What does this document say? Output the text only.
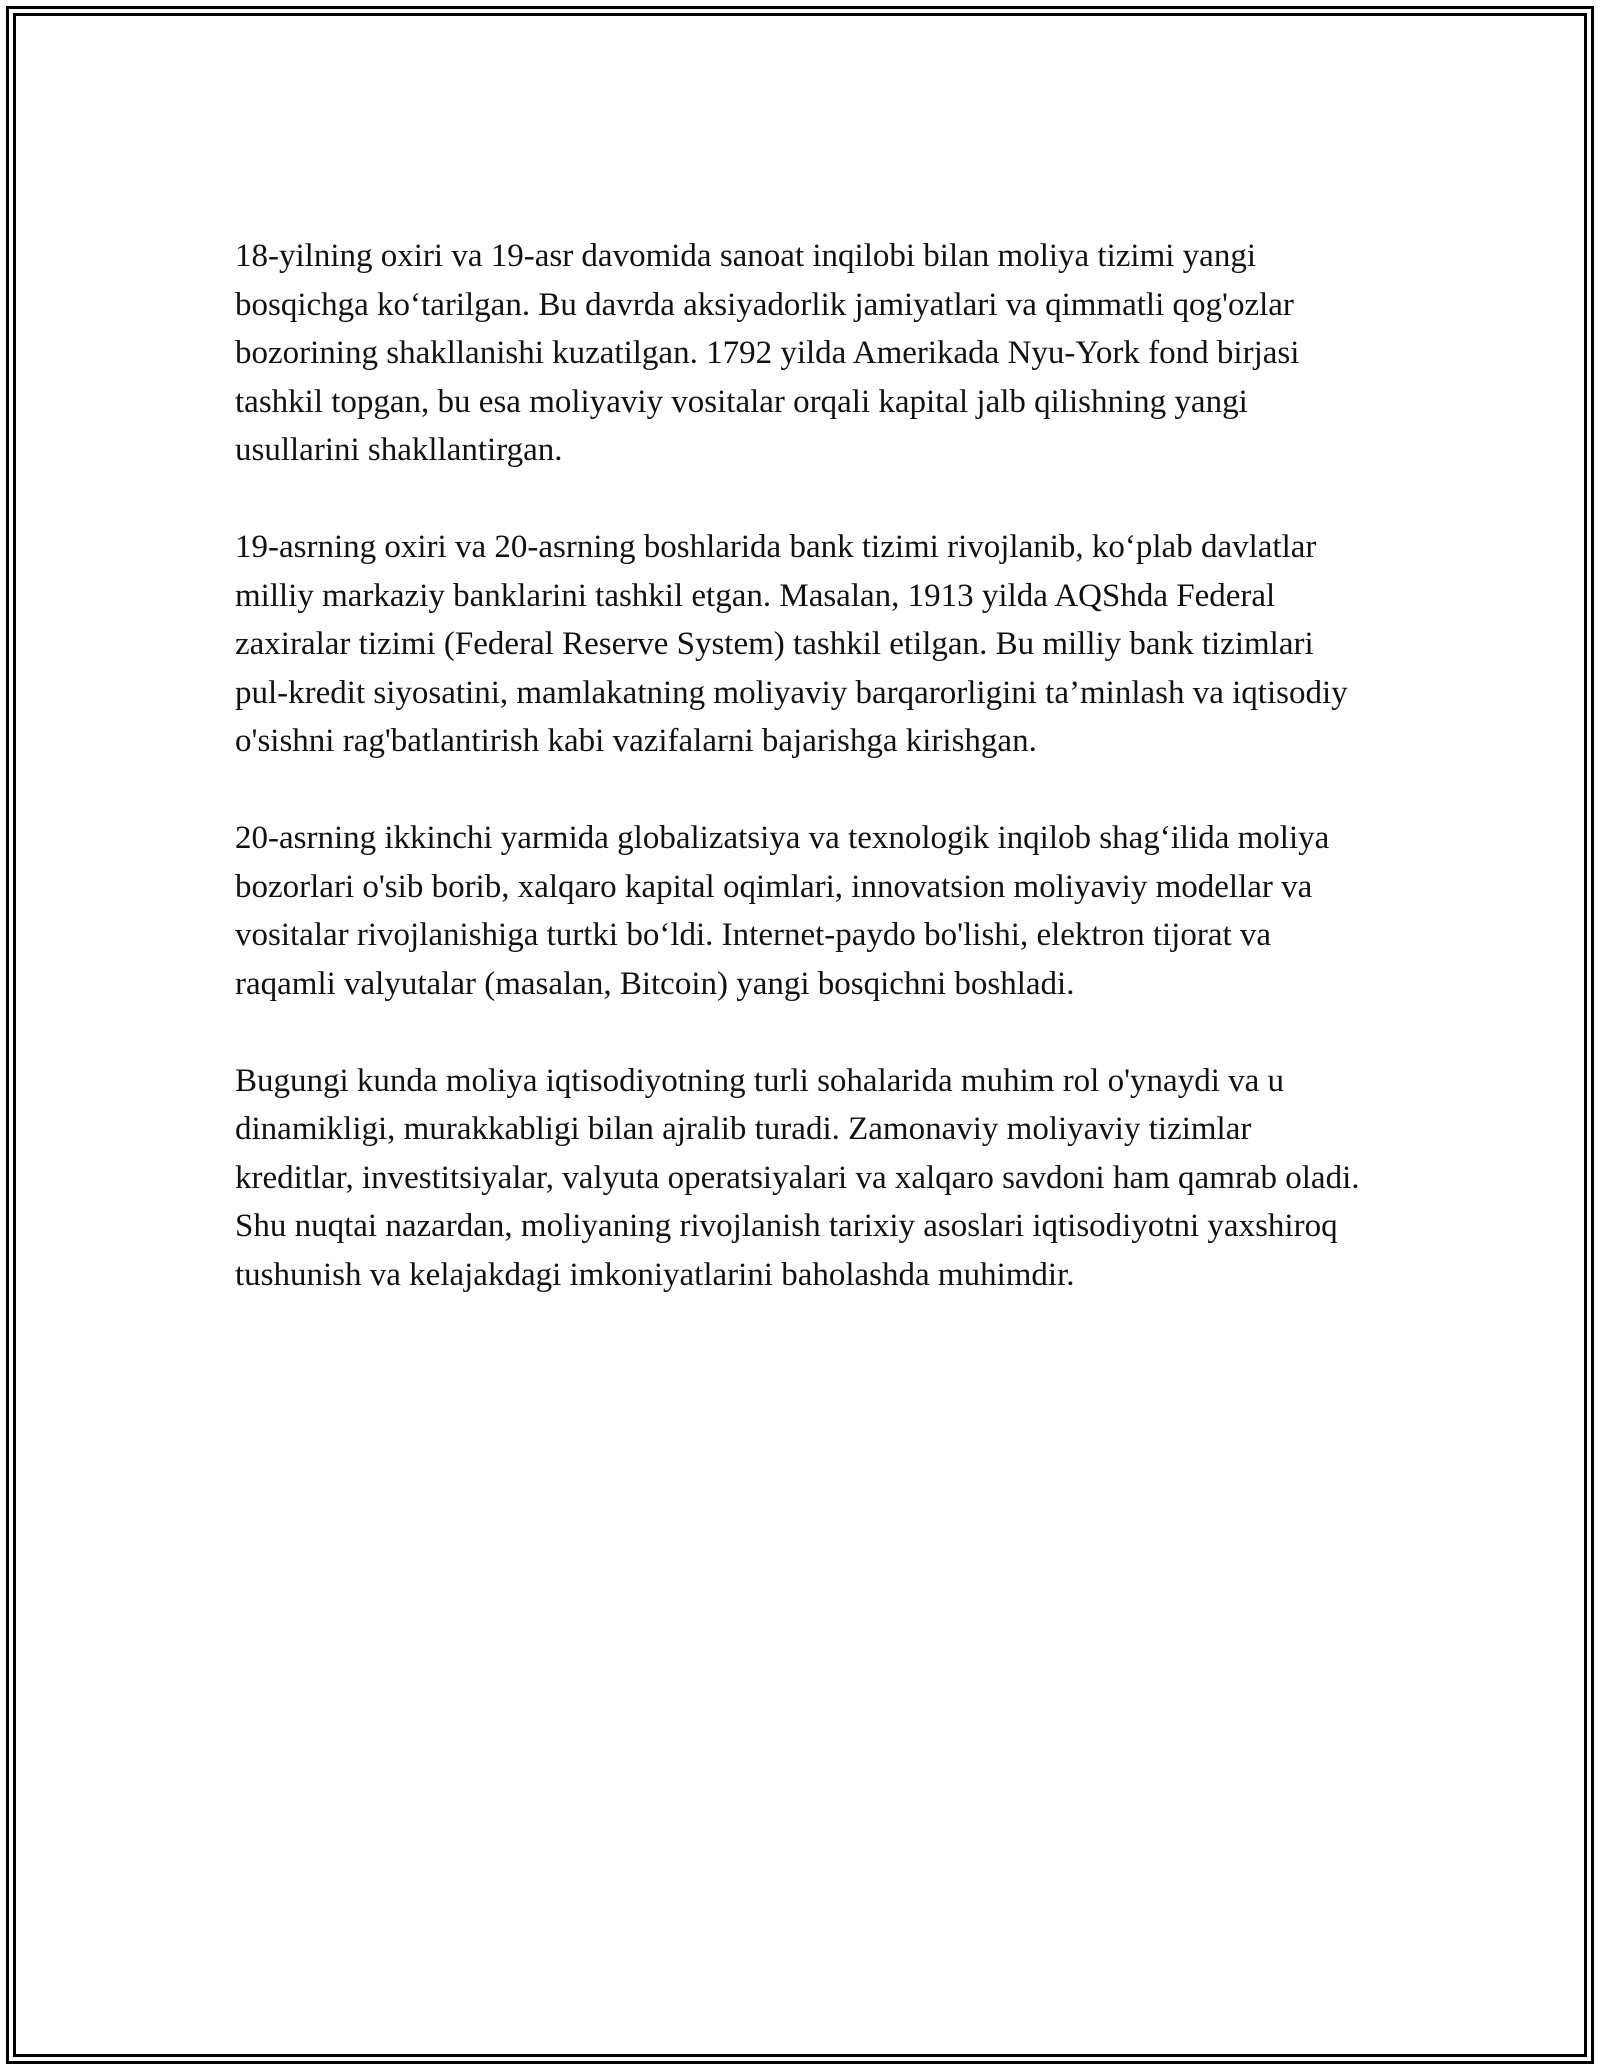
18-yilning oxiri va 19-asr davomida sanoat inqilobi bilan moliya tizimi yangi bosqichga ko‘tarilgan. Bu davrda aksiyadorlik jamiyatlari va qimmatli qog'ozlar bozorining shakllanishi kuzatilgan. 1792 yilda Amerikada Nyu-York fond birjasi tashkil topgan, bu esa moliyaviy vositalar orqali kapital jalb qilishning yangi usullarini shakllantirgan.

19-asrning oxiri va 20-asrning boshlarida bank tizimi rivojlanib, ko‘plab davlatlar milliy markaziy banklarini tashkil etgan. Masalan, 1913 yilda AQShda Federal zaxiralar tizimi (Federal Reserve System) tashkil etilgan. Bu milliy bank tizimlari pul-kredit siyosatini, mamlakatning moliyaviy barqarorligini ta’minlash va iqtisodiy o'sishni rag'batlantirish kabi vazifalarni bajarishga kirishgan.

20-asrning ikkinchi yarmida globalizatsiya va texnologik inqilob shag‘ilida moliya bozorlari o'sib borib, xalqaro kapital oqimlari, innovatsion moliyaviy modellar va vositalar rivojlanishiga turtki bo‘ldi. Internet-paydo bo'lishi, elektron tijorat va raqamli valyutalar (masalan, Bitcoin) yangi bosqichni boshladi.

Bugungi kunda moliya iqtisodiyotning turli sohalarida muhim rol o'ynaydi va u dinamikligi, murakkabligi bilan ajralib turadi. Zamonaviy moliyaviy tizimlar kreditlar, investitsiyalar, valyuta operatsiyalari va xalqaro savdoni ham qamrab oladi. Shu nuqtai nazardan, moliyaning rivojlanish tarixiy asoslari iqtisodiyotni yaxshiroq tushunish va kelajakdagi imkoniyatlarini baholashda muhimdir.
